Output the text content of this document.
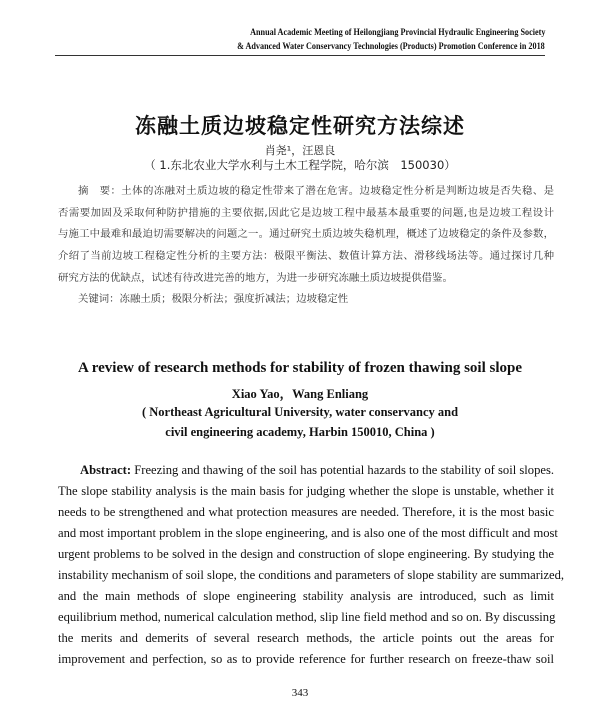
Annual Academic Meeting of Heilongjiang Provincial Hydraulic Engineering Society
& Advanced Water Conservancy Technologies (Products) Promotion Conference in 2018
冻融土质边坡稳定性研究方法综述
肖尧¹，汪恩良
（ 1.东北农业大学水利与土木工程学院，哈尔滨　150030）
摘　要：土体的冻融对土质边坡的稳定性带来了潜在危害。边坡稳定性分析是判断边坡是否失稳、是
否需要加固及采取何种防护措施的主要依据,因此它是边坡工程中最基本最重要的问题,也是边坡工程设计
与施工中最难和最迫切需要解决的问题之一。通过研究土质边坡失稳机理，概述了边坡稳定的条件及参数，
介绍了当前边坡工程稳定性分析的主要方法：极限平衡法、数值计算方法、滑移线场法等。通过探讨几种
研究方法的优缺点，试述有待改进完善的地方，为进一步研究冻融土质边坡提供借鉴。
关键词：冻融土质；极限分析法；强度折减法；边坡稳定性
A review of research methods for stability of frozen thawing soil slope
Xiao Yao，Wang Enliang
( Northeast Agricultural University, water conservancy and
civil engineering academy, Harbin 150010, China )
Abstract: Freezing and thawing of the soil has potential hazards to the stability of soil slopes.
The slope stability analysis is the main basis for judging whether the slope is unstable, whether it
needs to be strengthened and what protection measures are needed. Therefore, it is the most basic
and most important problem in the slope engineering, and is also one of the most difficult and most
urgent problems to be solved in the design and construction of slope engineering. By studying the
instability mechanism of soil slope, the conditions and parameters of slope stability are summarized,
and the main methods of slope engineering stability analysis are introduced, such as limit
equilibrium method, numerical calculation method, slip line field method and so on. By discussing
the merits and demerits of several research methods, the article points out the areas for
improvement and perfection, so as to provide reference for further research on freeze-thaw soil
343
